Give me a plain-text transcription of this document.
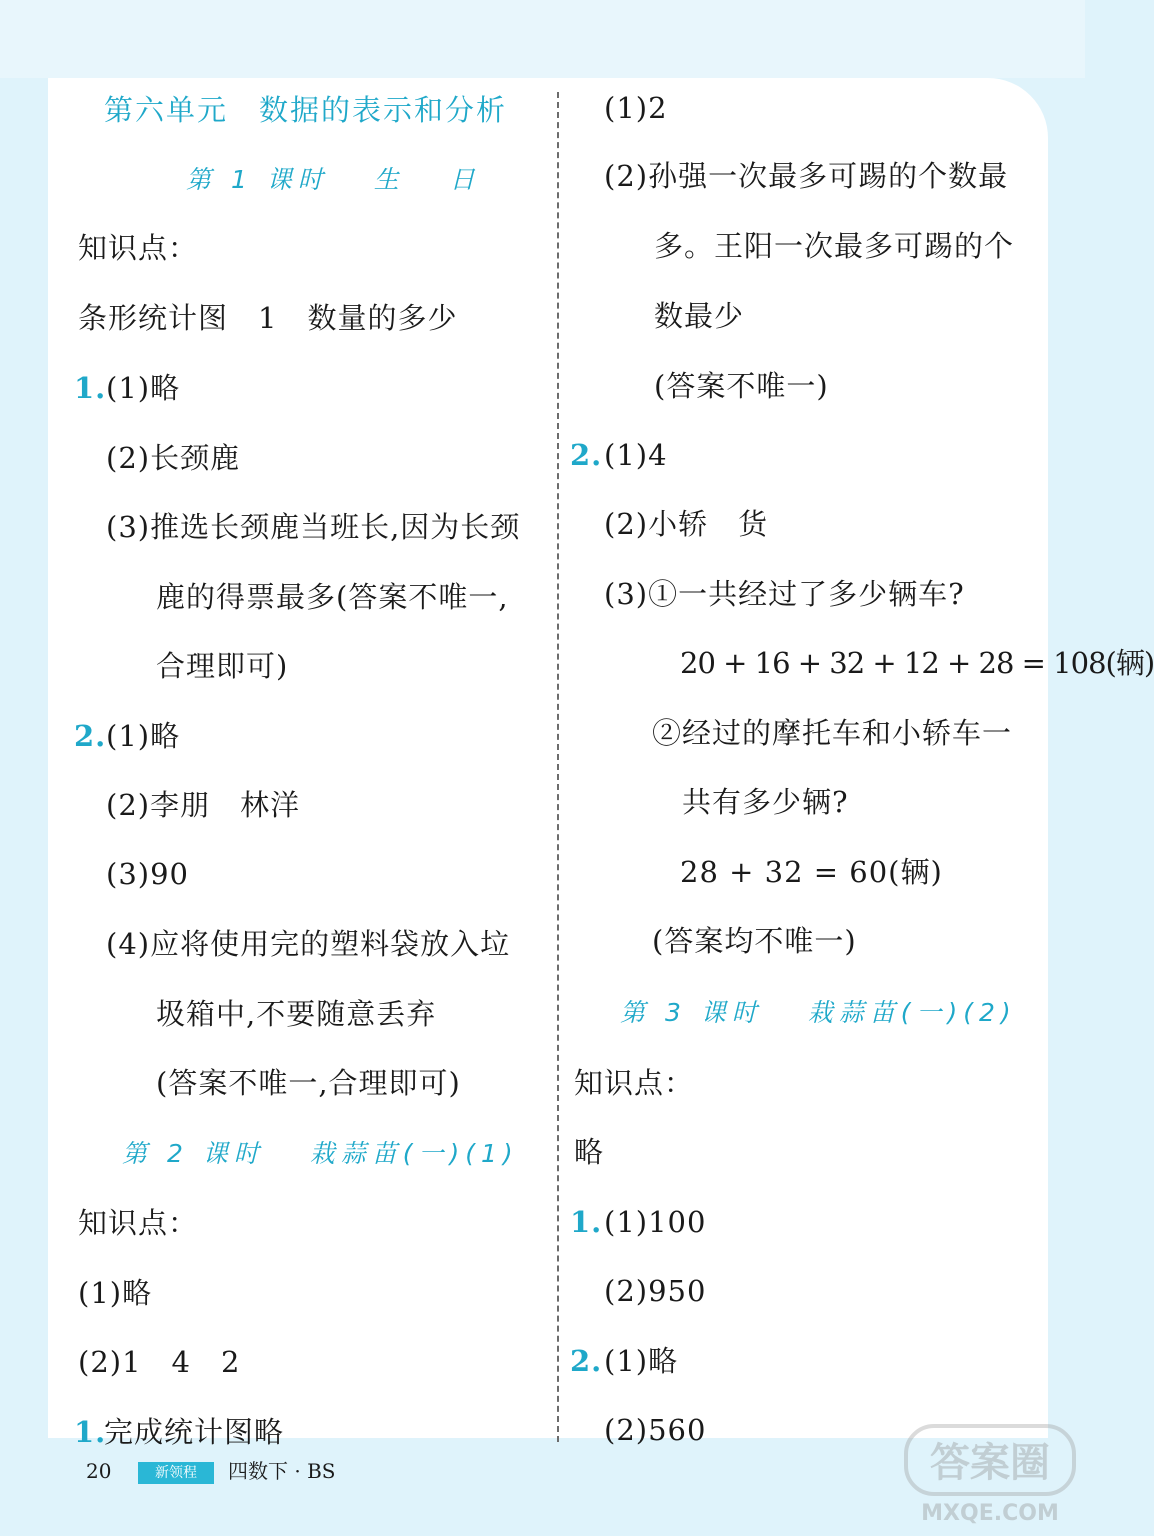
第六单元　数据的表示和分析
第 1 课时　 生　 日
知识点：
条形统计图　1　数量的多少
1. (1)略
(2)长颈鹿
(3)推选长颈鹿当班长,因为长颈
鹿的得票最多(答案不唯一,
合理即可)
2. (1)略
(2)李朋　林洋
(3)90
(4)应将使用完的塑料袋放入垃
圾箱中,不要随意丢弃
(答案不唯一,合理即可)
第 2 课时　 栽蒜苗(一)(1)
知识点：
(1)略
(2)1　4　2
1.
完成统计图略
(1)2
(2)孙强一次最多可踢的个数最
多。王阳一次最多可踢的个
数最少
(答案不唯一)
2. (1)4
(2)小轿　货
(3)①一共经过了多少辆车?
20 + 16 + 32 + 12 + 28 = 108(辆)
②经过的摩托车和小轿车一
共有多少辆?
28 + 32 = 60(辆)
(答案均不唯一)
第 3 课时　 栽蒜苗(一)(2)
知识点：
略
1. (1)100
(2)950
2. (1)略
(2)560
20	新领程	四数下 · BS	答案圈
MXQE.COM
